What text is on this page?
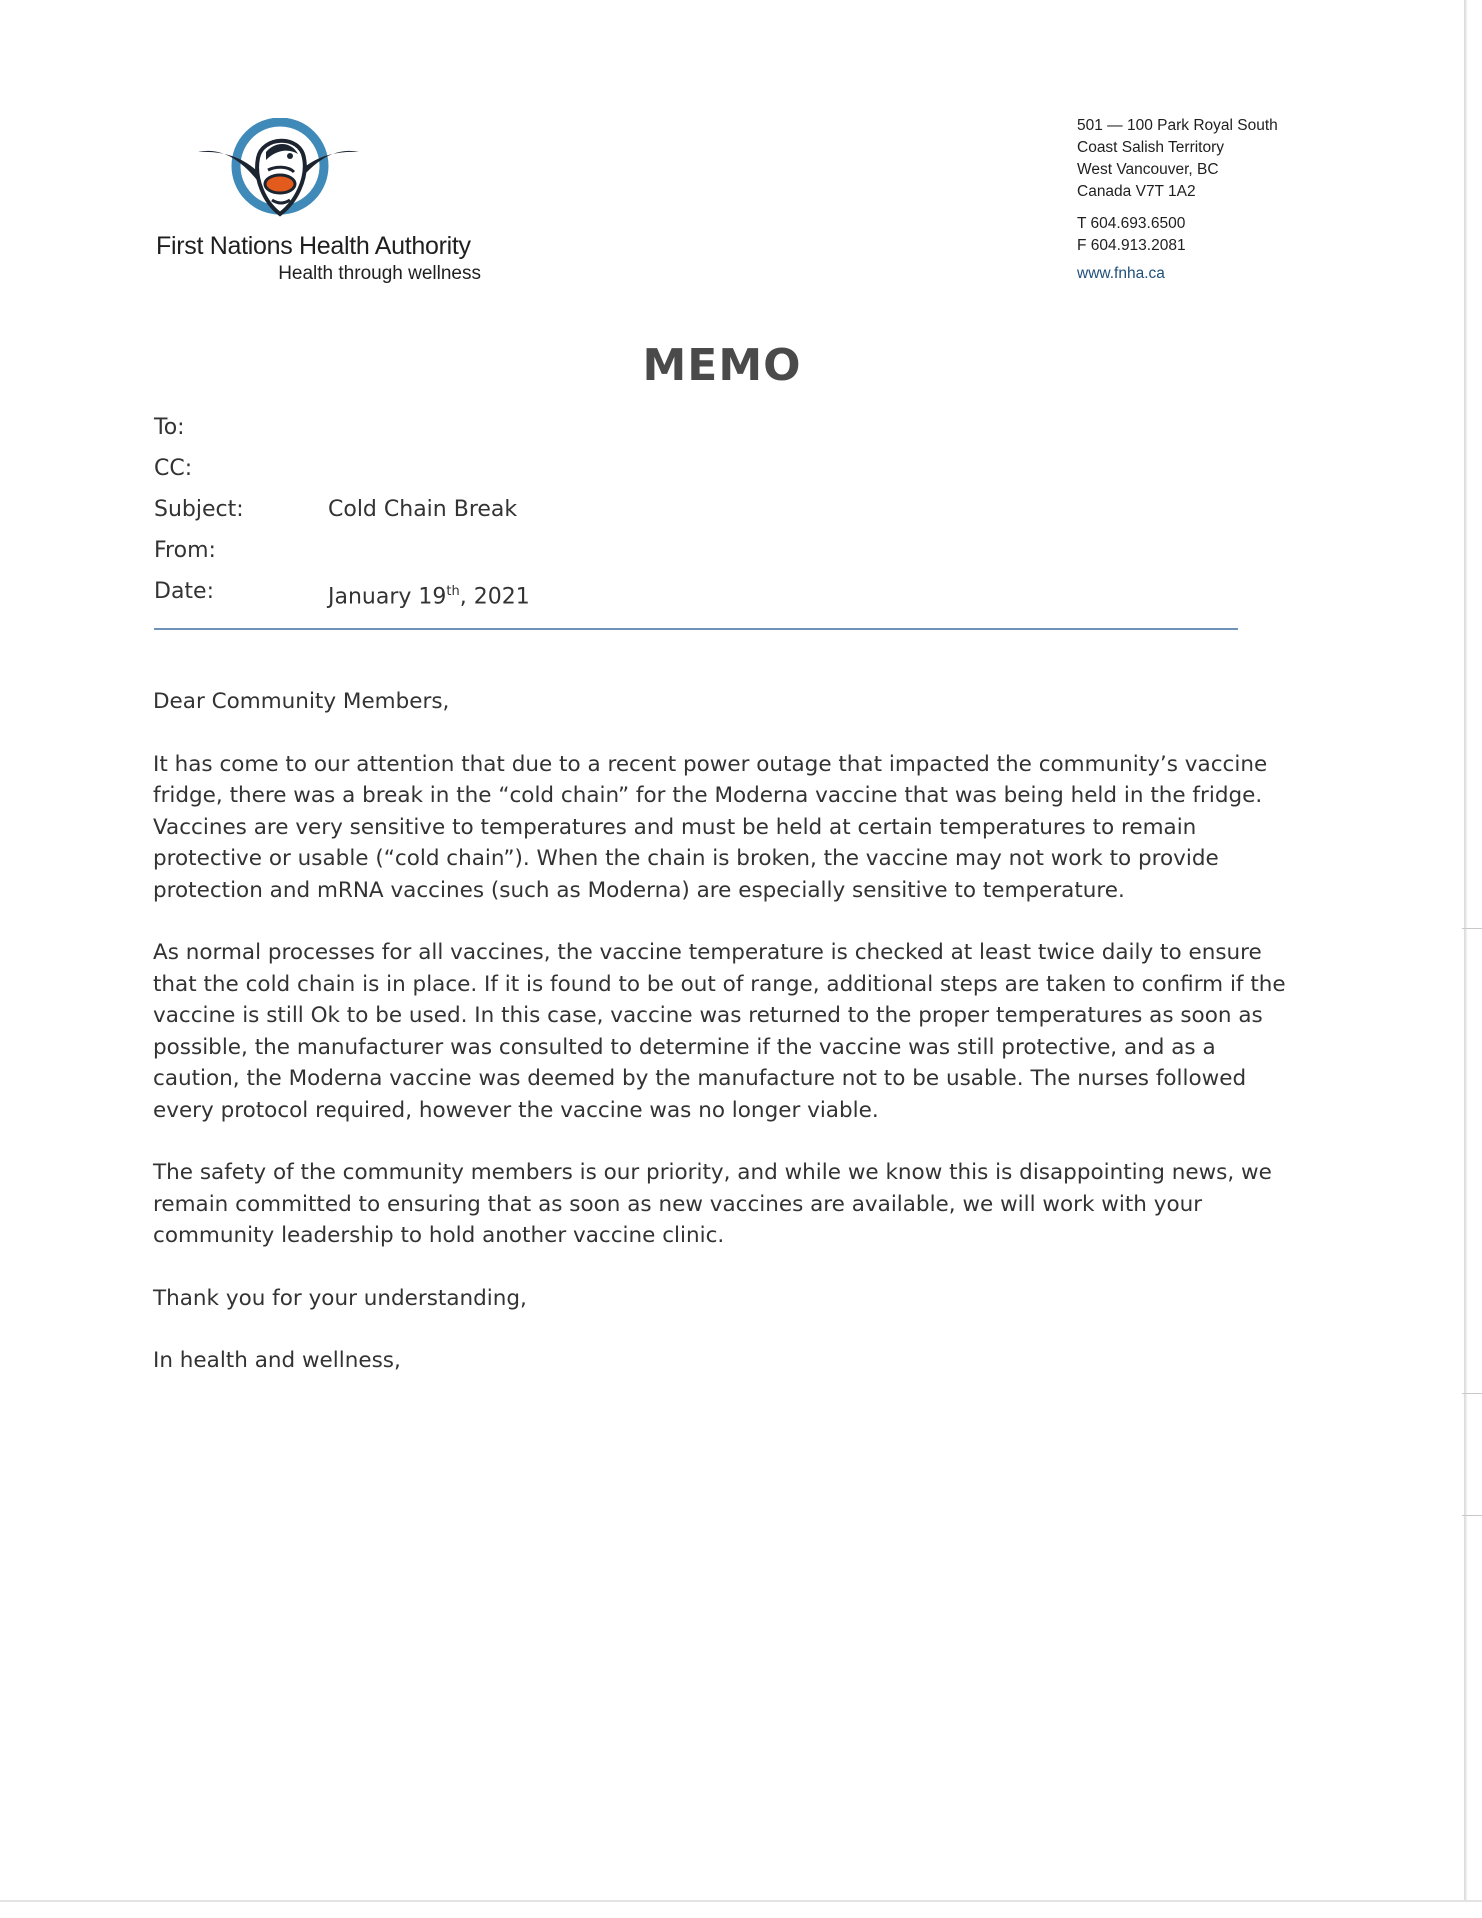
First Nations Health Authority
Health through wellness
501 — 100 Park Royal South
Coast Salish Territory
West Vancouver, BC
Canada V7T 1A2
T 604.693.6500
F 604.913.2081
www.fnha.ca
MEMO
To:
CC:
Subject:	Cold Chain Break
From:
Date:	January 19th, 2021

Dear Community Members,

It has come to our attention that due to a recent power outage that impacted the community’s vaccine
fridge, there was a break in the “cold chain” for the Moderna vaccine that was being held in the fridge.
Vaccines are very sensitive to temperatures and must be held at certain temperatures to remain
protective or usable (“cold chain”). When the chain is broken, the vaccine may not work to provide
protection and mRNA vaccines (such as Moderna) are especially sensitive to temperature.

As normal processes for all vaccines, the vaccine temperature is checked at least twice daily to ensure
that the cold chain is in place. If it is found to be out of range, additional steps are taken to confirm if the
vaccine is still Ok to be used. In this case, vaccine was returned to the proper temperatures as soon as
possible, the manufacturer was consulted to determine if the vaccine was still protective, and as a
caution, the Moderna vaccine was deemed by the manufacture not to be usable. The nurses followed
every protocol required, however the vaccine was no longer viable.

The safety of the community members is our priority, and while we know this is disappointing news, we
remain committed to ensuring that as soon as new vaccines are available, we will work with your
community leadership to hold another vaccine clinic.

Thank you for your understanding,

In health and wellness,
